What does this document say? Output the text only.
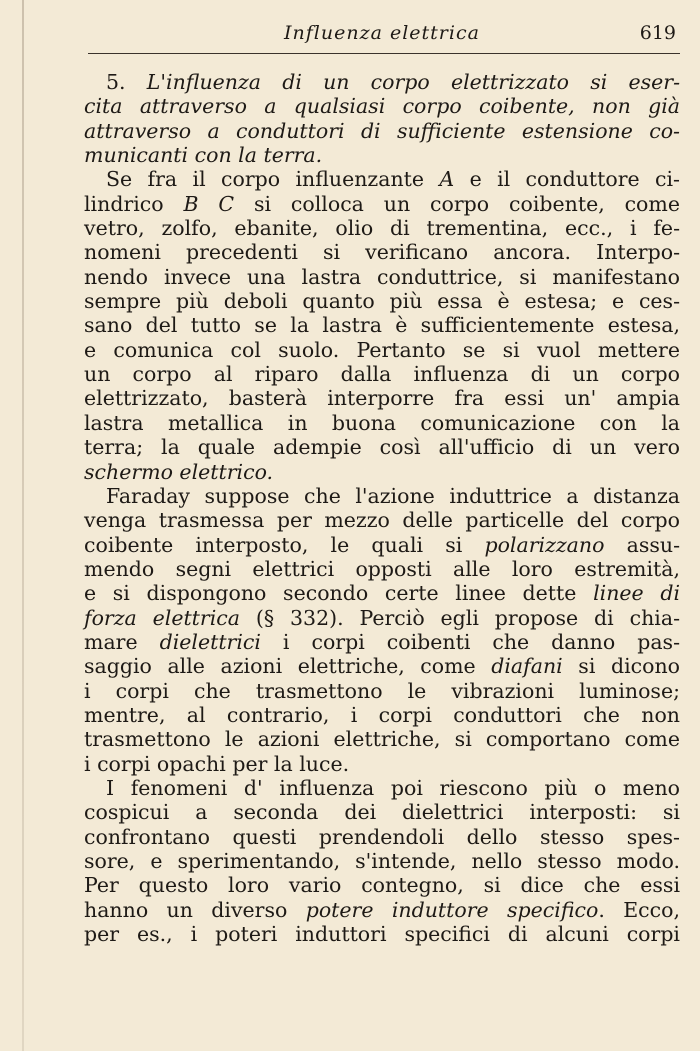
Influenza elettrica	619
5. L'influenza di un corpo elettrizzato si eser-
cita attraverso a qualsiasi corpo coibente, non già
attraverso a conduttori di sufficiente estensione co-
municanti con la terra.
Se fra il corpo influenzante A e il conduttore ci-
lindrico B C si colloca un corpo coibente, come
vetro, zolfo, ebanite, olio di trementina, ecc., i fe-
nomeni precedenti si verificano ancora. Interpo-
nendo invece una lastra conduttrice, si manifestano
sempre più deboli quanto più essa è estesa; e ces-
sano del tutto se la lastra è sufficientemente estesa,
e comunica col suolo. Pertanto se si vuol mettere
un corpo al riparo dalla influenza di un corpo
elettrizzato, basterà interporre fra essi un' ampia
lastra metallica in buona comunicazione con la
terra; la quale adempie così all'ufficio di un vero
schermo elettrico.
Faraday suppose che l'azione induttrice a distanza
venga trasmessa per mezzo delle particelle del corpo
coibente interposto, le quali si polarizzano assu-
mendo segni elettrici opposti alle loro estremità,
e si dispongono secondo certe linee dette linee di
forza elettrica (§ 332). Perciò egli propose di chia-
mare dielettrici i corpi coibenti che danno pas-
saggio alle azioni elettriche, come diafani si dicono
i corpi che trasmettono le vibrazioni luminose;
mentre, al contrario, i corpi conduttori che non
trasmettono le azioni elettriche, si comportano come
i corpi opachi per la luce.
I fenomeni d' influenza poi riescono più o meno
cospicui a seconda dei dielettrici interposti: si
confrontano questi prendendoli dello stesso spes-
sore, e sperimentando, s'intende, nello stesso modo.
Per questo loro vario contegno, si dice che essi
hanno un diverso potere induttore specifico. Ecco,
per es., i poteri induttori specifici di alcuni corpi
